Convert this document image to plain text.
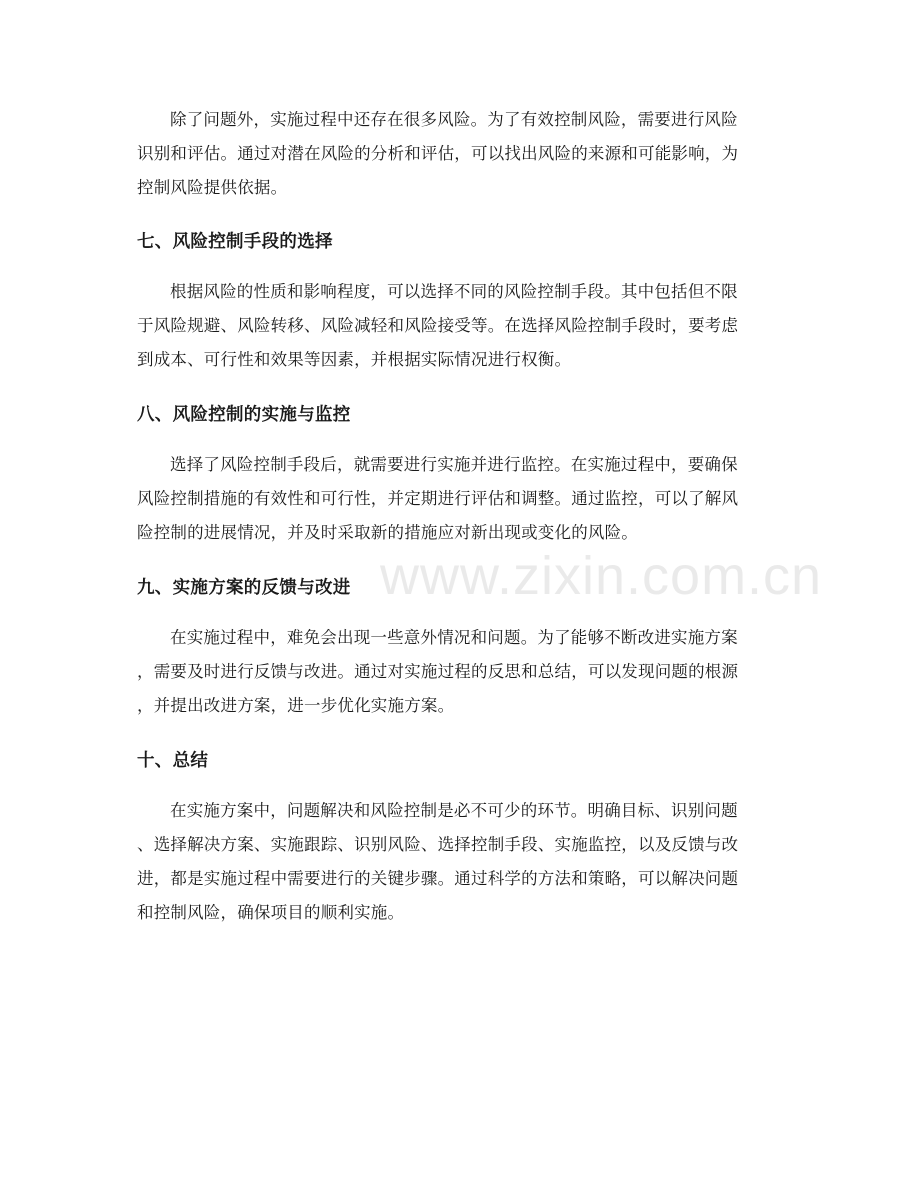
除了问题外，实施过程中还存在很多风险。为了有效控制风险，需要进行风险
识别和评估。通过对潜在风险的分析和评估，可以找出风险的来源和可能影响，为
控制风险提供依据。
七、风险控制手段的选择
根据风险的性质和影响程度，可以选择不同的风险控制手段。其中包括但不限
于风险规避、风险转移、风险减轻和风险接受等。在选择风险控制手段时，要考虑
到成本、可行性和效果等因素，并根据实际情况进行权衡。
八、风险控制的实施与监控
选择了风险控制手段后，就需要进行实施并进行监控。在实施过程中，要确保
风险控制措施的有效性和可行性，并定期进行评估和调整。通过监控，可以了解风
险控制的进展情况，并及时采取新的措施应对新出现或变化的风险。
九、实施方案的反馈与改进
在实施过程中，难免会出现一些意外情况和问题。为了能够不断改进实施方案
，需要及时进行反馈与改进。通过对实施过程的反思和总结，可以发现问题的根源
，并提出改进方案，进一步优化实施方案。
十、总结
在实施方案中，问题解决和风险控制是必不可少的环节。明确目标、识别问题
、选择解决方案、实施跟踪、识别风险、选择控制手段、实施监控，以及反馈与改
进，都是实施过程中需要进行的关键步骤。通过科学的方法和策略，可以解决问题
和控制风险，确保项目的顺利实施。
www.zixin.com.cn
